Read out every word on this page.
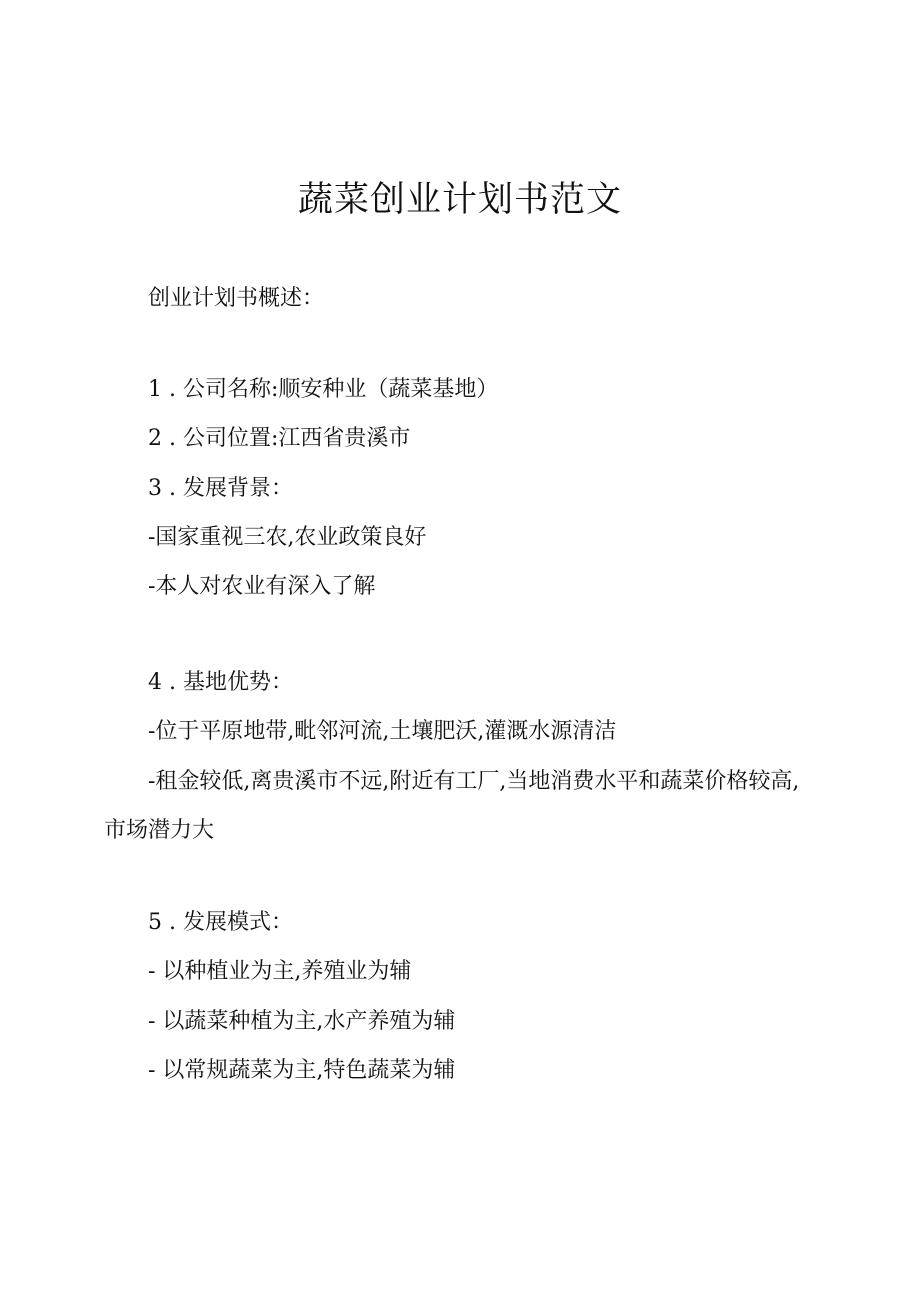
蔬菜创业计划书范文

创业计划书概述：

1 . 公司名称:顺安种业（蔬菜基地）

2 . 公司位置:江西省贵溪市

3 . 发展背景：

-国家重视三农,农业政策良好

-本人对农业有深入了解

4 . 基地优势：

-位于平原地带,毗邻河流,土壤肥沃,灌溉水源清洁

-租金较低,离贵溪市不远,附近有工厂,当地消费水平和蔬菜价格较高,市场潜力大

5 . 发展模式：

- 以种植业为主,养殖业为辅

- 以蔬菜种植为主,水产养殖为辅

- 以常规蔬菜为主,特色蔬菜为辅
